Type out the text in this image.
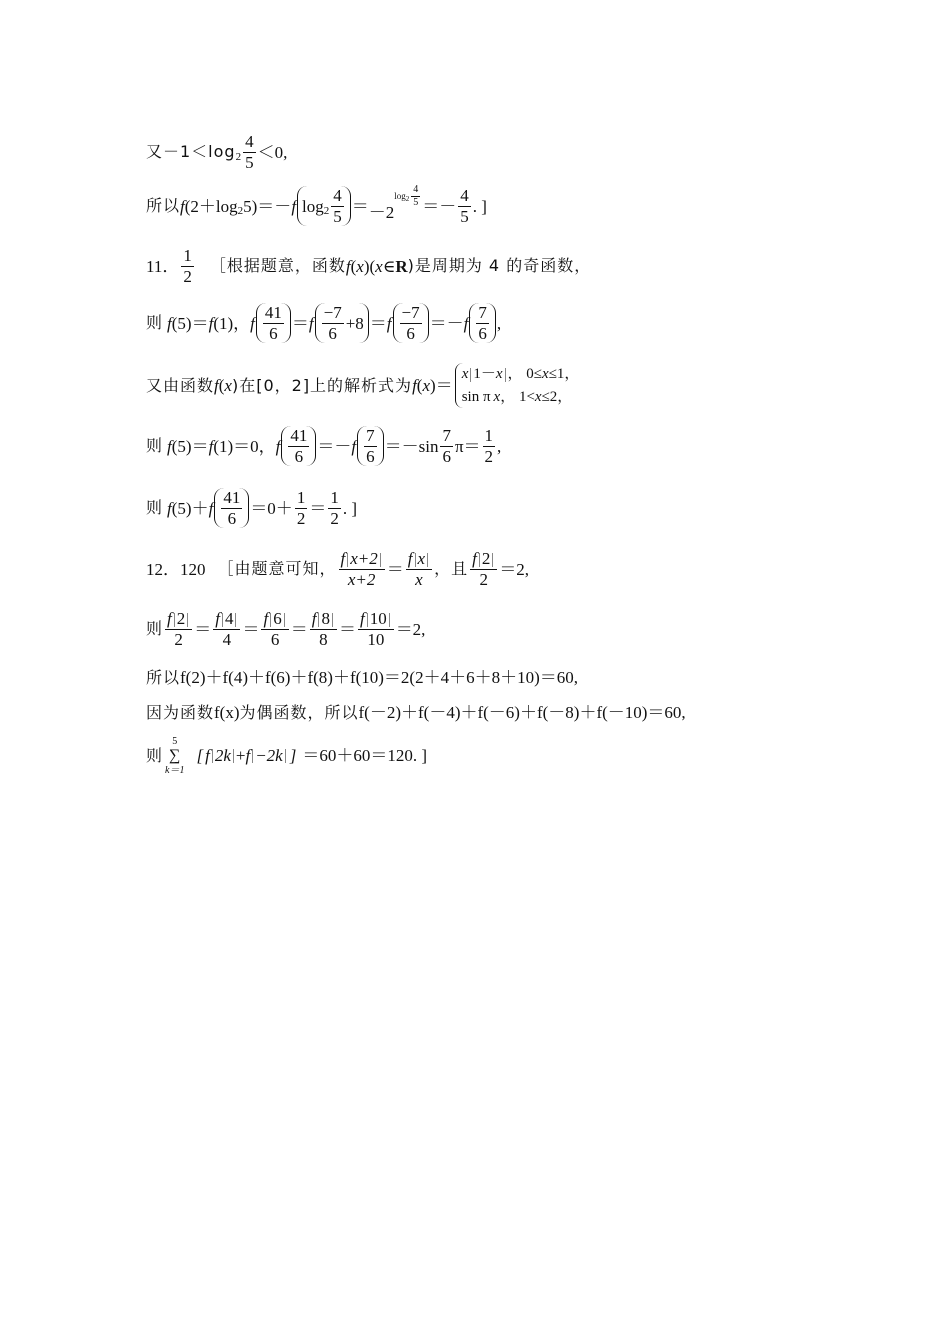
又－1＜log $2 \frac{4}{5} <0$,
所以 f (2＋log 2 5)＝－ f $\log 2 \frac{4}{5} = -2$
$\log 2 \frac{4}{5} =- \frac{4}{5}$ . ]
11． $\frac{1}{2}$ ［根据题意，函数 f ( x )( x ∈ R )是周期为 4 的奇函数，
则 f (5)＝ f (1)， f $\frac{41}{6} = f \frac{-7}{6} +8 = f \frac{-7}{6} =- f \frac{7}{6}$ ,
又由函数 f ( x )在[0，2]上的解析式为 f ( x )＝
x 1－x ， 0≤x≤1，
sin π x， 1<x≤2，
则 f (5)＝ f (1)＝0， f $\frac{41}{6} =- f \frac{7}{6} =-\sin \frac{7}{6} \pi= \frac{1}{2}$ ,
则 f (5)＋ f $\frac{41}{6} =0+ \frac{1}{2} = \frac{1}{2}$ . ]
12．120 ［由题意可知， $\frac{\text{f x+2}}{x+2} = \frac{\text{f x}}{x}$ ，且 $\frac{f 2}{2} =2$,
则 $\frac{f 2}{2} = \frac{f 4}{4} = \frac{f 6}{6} = \frac{f 8}{8} = \frac{f 10}{10} =2$,
所以 f(2)＋f(4)＋f(6)＋f(8)＋f(10)＝2(2＋4＋6＋8＋10)＝60,
因为函数 f(x) 为偶函数，所以 f(－2)＋f(－4)＋f(－6)＋f(－8)＋f(－10)＝60,
则
5
∑
k＝1
[ f 2k + f −2k
] ＝60＋60＝120. ]
